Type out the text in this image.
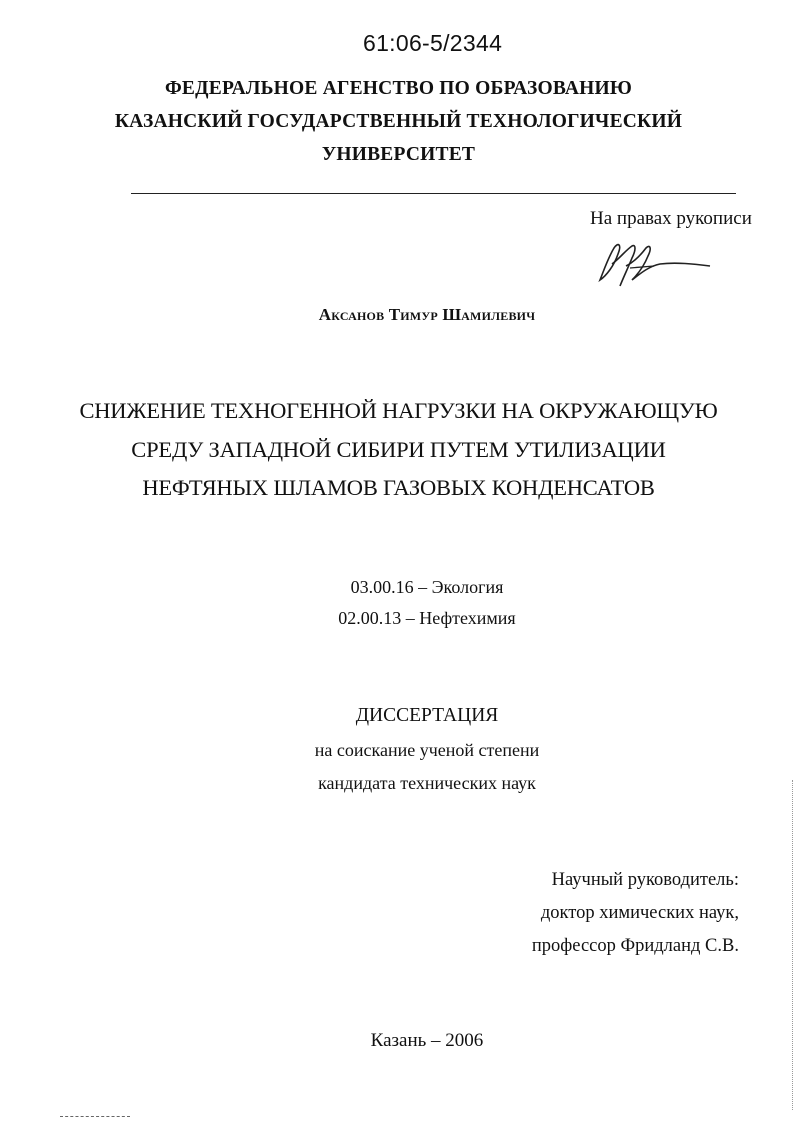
61:06-5/2344

ФЕДЕРАЛЬНОЕ АГЕНСТВО ПО ОБРАЗОВАНИЮ

КАЗАНСКИЙ ГОСУДАРСТВЕННЫЙ ТЕХНОЛОГИЧЕСКИЙ

УНИВЕРСИТЕТ

На правах рукописи

Аксанов Тимур Шамилевич

СНИЖЕНИЕ ТЕХНОГЕННОЙ НАГРУЗКИ НА ОКРУЖАЮЩУЮ

СРЕДУ ЗАПАДНОЙ СИБИРИ ПУТЕМ УТИЛИЗАЦИИ

НЕФТЯНЫХ ШЛАМОВ ГАЗОВЫХ КОНДЕНСАТОВ

03.00.16 – Экология

02.00.13 – Нефтехимия

ДИССЕРТАЦИЯ

на соискание ученой степени

кандидата технических наук

Научный руководитель:

доктор химических наук,

профессор Фридланд С.В.

Казань – 2006
